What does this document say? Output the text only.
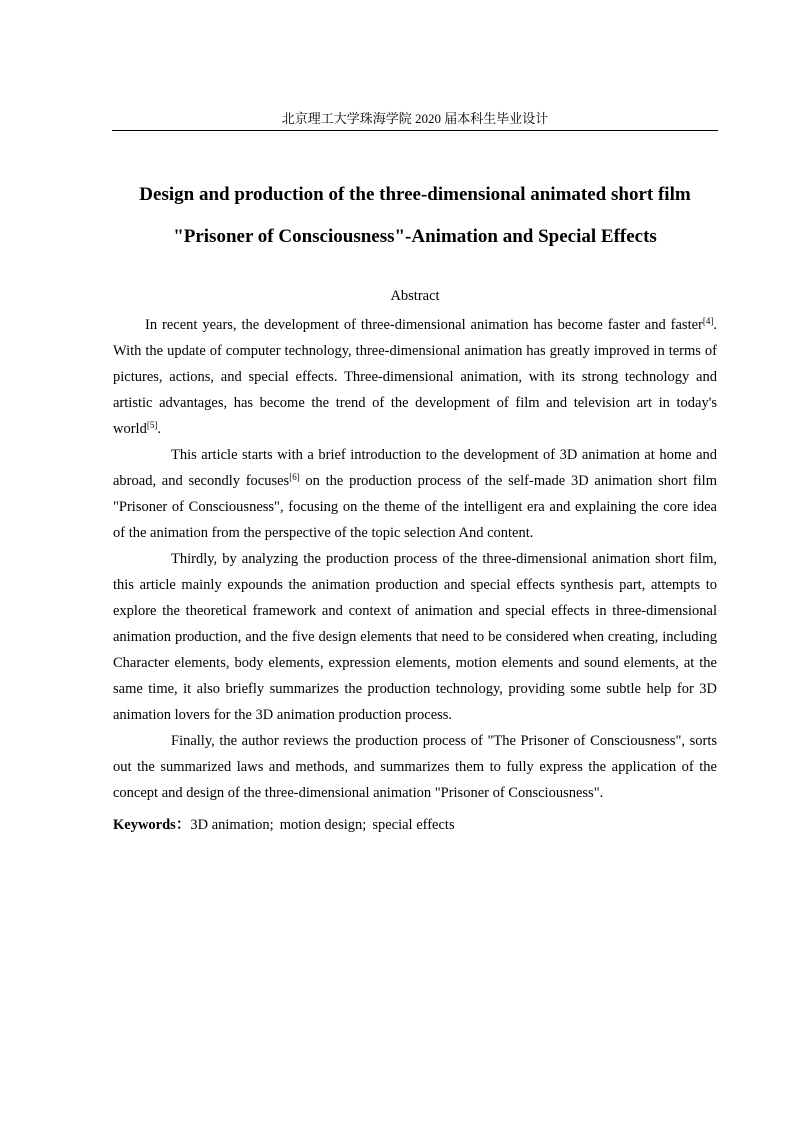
北京理工大学珠海学院 2020 届本科生毕业设计
Design and production of the three-dimensional animated short film
"Prisoner of Consciousness"-Animation and Special Effects
Abstract

In recent years, the development of three-dimensional animation has become faster and faster[4]. With the update of computer technology, three-dimensional animation has greatly improved in terms of pictures, actions, and special effects. Three-dimensional animation, with its strong technology and artistic advantages, has become the trend of the development of film and television art in today's world[5].

This article starts with a brief introduction to the development of 3D animation at home and abroad, and secondly focuses[6] on the production process of the self-made 3D animation short film "Prisoner of Consciousness", focusing on the theme of the intelligent era and explaining the core idea of the animation from the perspective of the topic selection And content.

Thirdly, by analyzing the production process of the three-dimensional animation short film, this article mainly expounds the animation production and special effects synthesis part, attempts to explore the theoretical framework and context of animation and special effects in three-dimensional animation production, and the five design elements that need to be considered when creating, including Character elements, body elements, expression elements, motion elements and sound elements, at the same time, it also briefly summarizes the production technology, providing some subtle help for 3D animation lovers for the 3D animation production process.

Finally, the author reviews the production process of "The Prisoner of Consciousness", sorts out the summarized laws and methods, and summarizes them to fully express the application of the concept and design of the three-dimensional animation "Prisoner of Consciousness".

Keywords：3D animation; motion design; special effects
